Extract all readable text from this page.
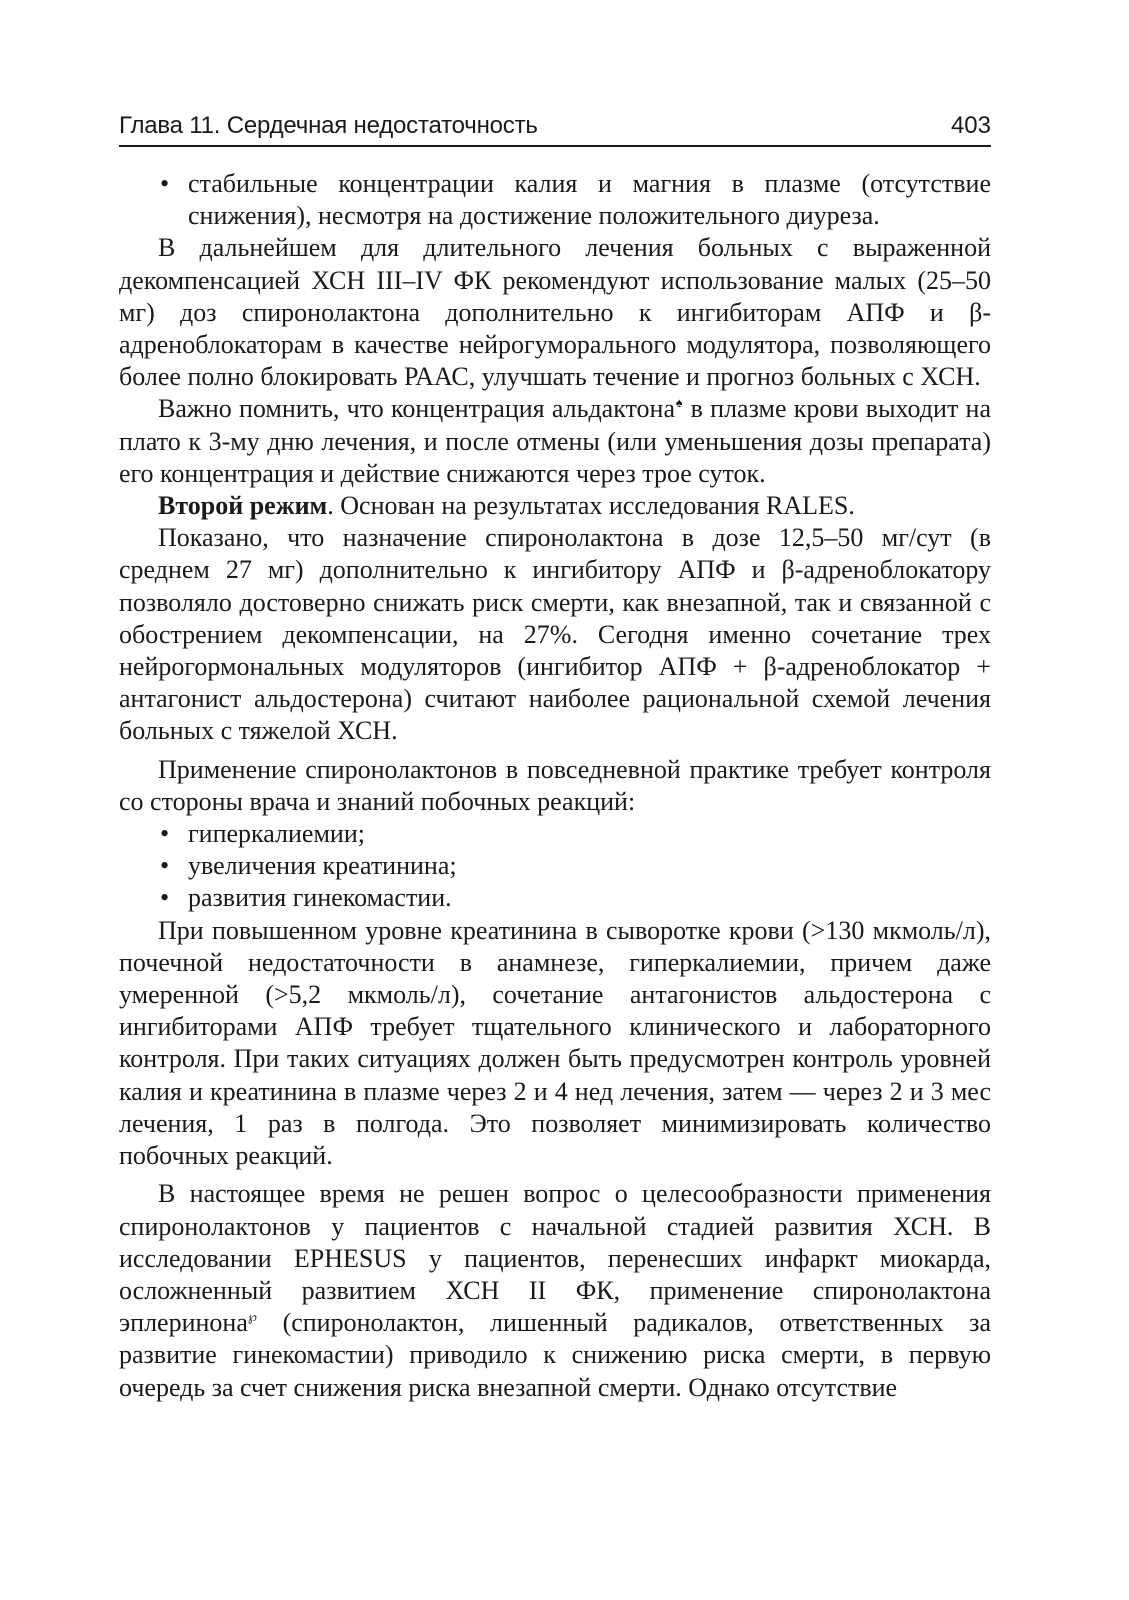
Глава 11. Сердечная недостаточность	403
• стабильные концентрации калия и магния в плазме (отсутствие снижения), несмотря на достижение положительного диуреза.

В дальнейшем для длительного лечения больных с выраженной декомпенсацией ХСН III–IV ФК рекомендуют использование малых (25–50 мг) доз спиронолактона дополнительно к ингибиторам АПФ и β-адреноблокаторам в качестве нейрогуморального модулятора, позволяющего более полно блокировать РААС, улучшать течение и прогноз больных с ХСН.

Важно помнить, что концентрация альдактона♠ в плазме крови выходит на плато к 3-му дню лечения, и после отмены (или уменьшения дозы препарата) его концентрация и действие снижаются через трое суток.

Второй режим. Основан на результатах исследования RALES.

Показано, что назначение спиронолактона в дозе 12,5–50 мг/сут (в среднем 27 мг) дополнительно к ингибитору АПФ и β-адреноблокатору позволяло достоверно снижать риск смерти, как внезапной, так и связанной с обострением декомпенсации, на 27%. Сегодня именно сочетание трех нейрогормональных модуляторов (ингибитор АПФ + β-адреноблокатор + антагонист альдостерона) считают наиболее рациональной схемой лечения больных с тяжелой ХСН.

Применение спиронолактонов в повседневной практике требует контроля со стороны врача и знаний побочных реакций:

• гиперкалиемии;
• увеличения креатинина;
• развития гинекомастии.

При повышенном уровне креатинина в сыворотке крови (>130 мкмоль/л), почечной недостаточности в анамнезе, гиперкалиемии, причем даже умеренной (>5,2 мкмоль/л), сочетание антагонистов альдостерона с ингибиторами АПФ требует тщательного клинического и лабораторного контроля. При таких ситуациях должен быть предусмотрен контроль уровней калия и креатинина в плазме через 2 и 4 нед лечения, затем — через 2 и 3 мес лечения, 1 раз в полгода. Это позволяет минимизировать количество побочных реакций.

В настоящее время не решен вопрос о целесообразности применения спиронолактонов у пациентов с начальной стадией развития ХСН. В исследовании EPHESUS у пациентов, перенесших инфаркт миокарда, осложненный развитием ХСН II ФК, применение спиронолактона эплеринона℘ (спиронолактон, лишенный радикалов, ответственных за развитие гинекомастии) приводило к снижению риска смерти, в первую очередь за счет снижения риска внезапной смерти. Однако отсутствие
